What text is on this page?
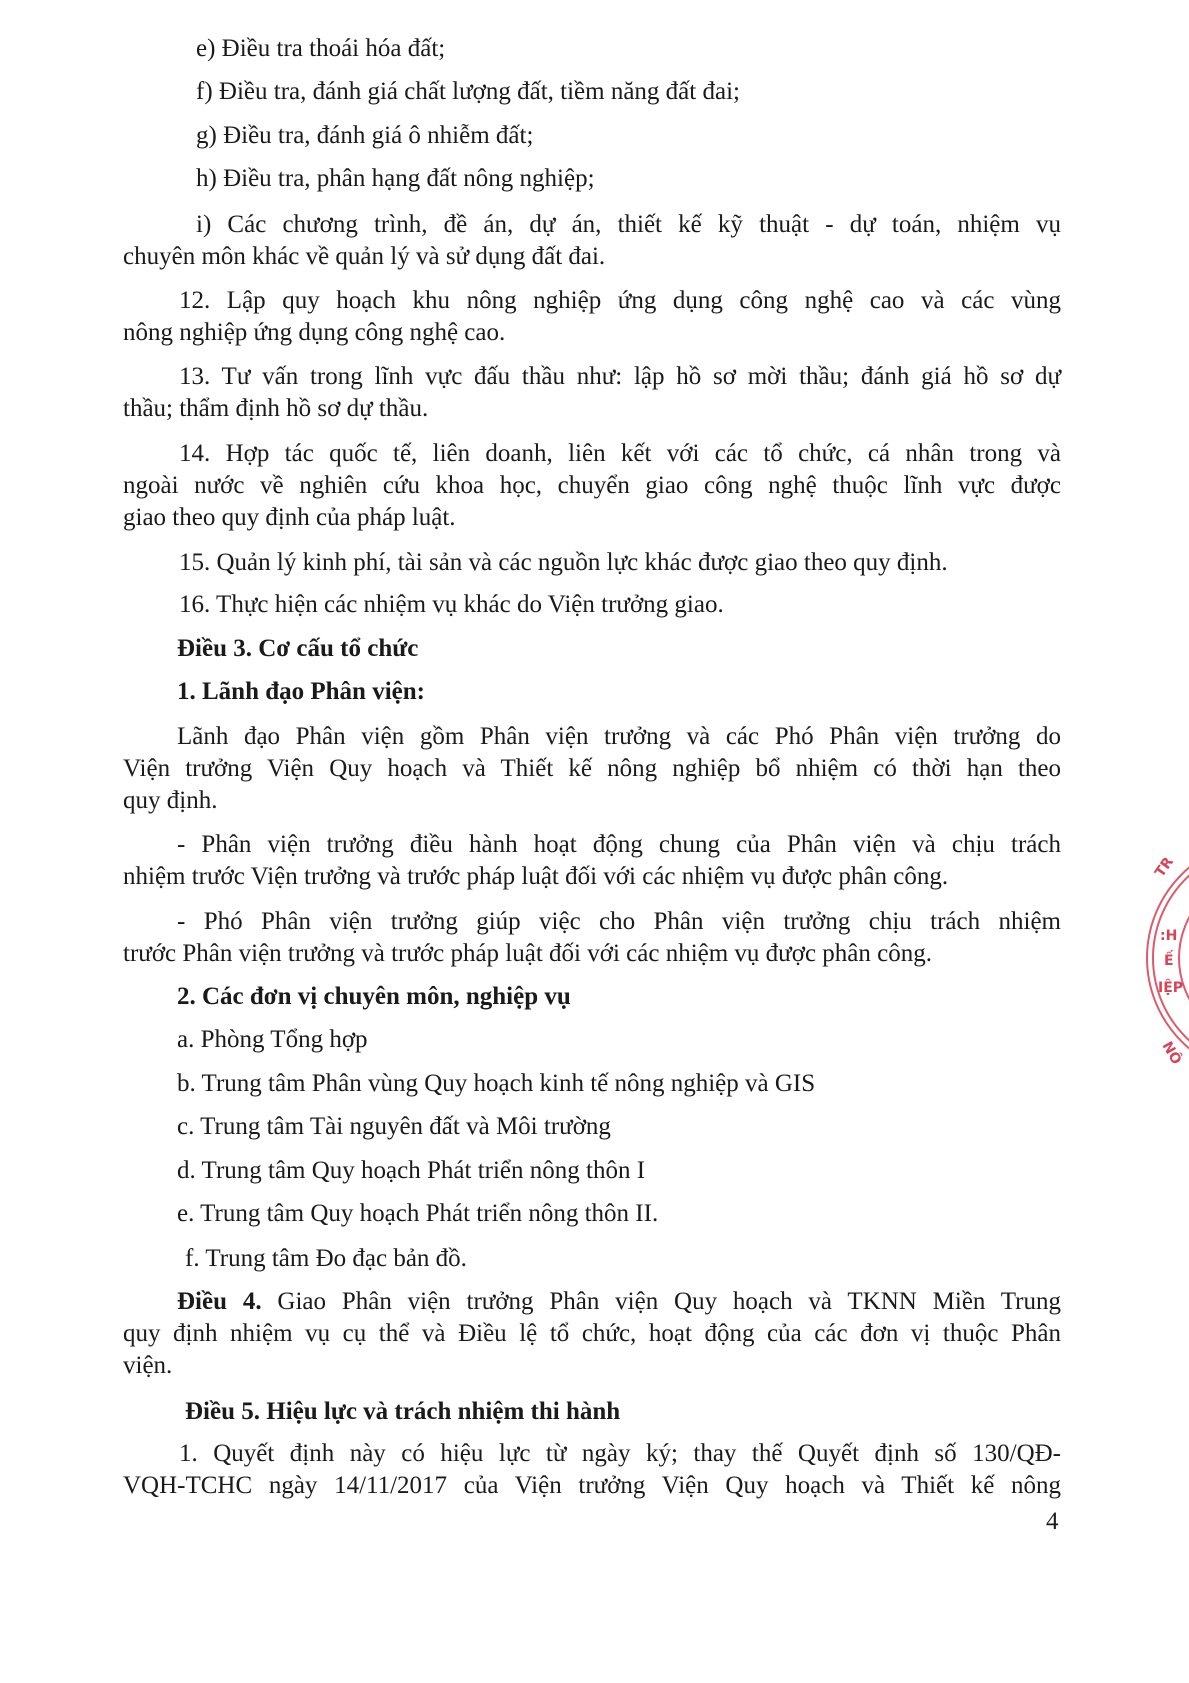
e) Điều tra thoái hóa đất;
f) Điều tra, đánh giá chất lượng đất, tiềm năng đất đai;
g) Điều tra, đánh giá ô nhiễm đất;
h) Điều tra, phân hạng đất nông nghiệp;
i) Các chương trình, đề án, dự án, thiết kế kỹ thuật - dự toán, nhiệm vụ
chuyên môn khác về quản lý và sử dụng đất đai.
12. Lập quy hoạch khu nông nghiệp ứng dụng công nghệ cao và các vùng
nông nghiệp ứng dụng công nghệ cao.
13. Tư vấn trong lĩnh vực đấu thầu như: lập hồ sơ mời thầu; đánh giá hồ sơ dự
thầu; thẩm định hồ sơ dự thầu.
14. Hợp tác quốc tế, liên doanh, liên kết với các tổ chức, cá nhân trong và
ngoài nước về nghiên cứu khoa học, chuyển giao công nghệ thuộc lĩnh vực được
giao theo quy định của pháp luật.
15. Quản lý kinh phí, tài sản và các nguồn lực khác được giao theo quy định.
16. Thực hiện các nhiệm vụ khác do Viện trưởng giao.
Điều 3. Cơ cấu tổ chức
1. Lãnh đạo Phân viện:
Lãnh đạo Phân viện gồm Phân viện trưởng và các Phó Phân viện trưởng do
Viện trưởng Viện Quy hoạch và Thiết kế nông nghiệp bổ nhiệm có thời hạn theo
quy định.
- Phân viện trưởng điều hành hoạt động chung của Phân viện và chịu trách
nhiệm trước Viện trưởng và trước pháp luật đối với các nhiệm vụ được phân công.
- Phó Phân viện trưởng giúp việc cho Phân viện trưởng chịu trách nhiệm
trước Phân viện trưởng và trước pháp luật đối với các nhiệm vụ được phân công.
2. Các đơn vị chuyên môn, nghiệp vụ
a. Phòng Tổng hợp
b. Trung tâm Phân vùng Quy hoạch kinh tế nông nghiệp và GIS
c. Trung tâm Tài nguyên đất và Môi trường
d. Trung tâm Quy hoạch Phát triển nông thôn I
e. Trung tâm Quy hoạch Phát triển nông thôn II.
f. Trung tâm Đo đạc bản đồ.
Điều 4. Giao Phân viện trưởng Phân viện Quy hoạch và TKNN Miền Trung
quy định nhiệm vụ cụ thể và Điều lệ tổ chức, hoạt động của các đơn vị thuộc Phân
viện.
Điều 5. Hiệu lực và trách nhiệm thi hành
1. Quyết định này có hiệu lực từ ngày ký; thay thế Quyết định số 130/QĐ-
VQH-TCHC ngày 14/11/2017 của Viện trưởng Viện Quy hoạch và Thiết kế nông
4
TR
:H
Ế
IỆP
NÔ
